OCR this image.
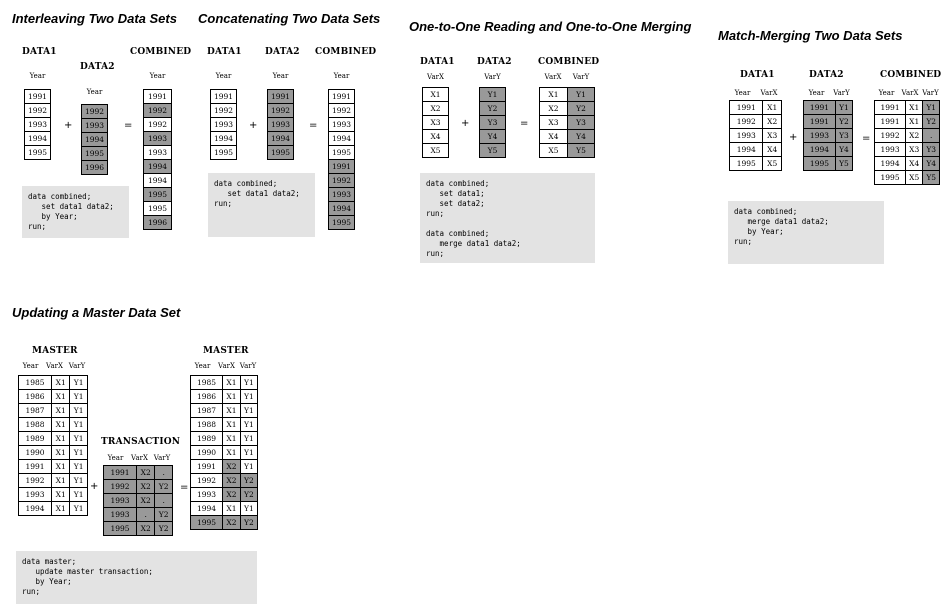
Interleaving Two Data Sets Concatenating Two Data Sets
One-to-One Reading and One-to-One Merging
Match-Merging Two Data Sets
Updating a Master Data Set
DATA1
DATA2
COMBINED
Year
Year
Year
1991
1992
1993
1994
1995
+
1992
1993
1994
1995
1996
=
1991
1992
1992
1993
1993
1994
1994
1995
1995
1996
data combined;
set data1 data2;
by Year;
run;
DATA1	DATA2 COMBINED
Year	Year	Year
1991
1992
1993
1994
1995
+
1991
1992
1993
1994
1995
=
1991
1992
1993
1994
1995
1991
1992
1993
1994
1995
data combined;
set data1 data2;
run;
DATA1 DATA2	COMBINED
VarX	VarY	VarX	VarY
X1
X2
X3
X4
X5
+
Y1
Y2
Y3
Y4
Y5
=
X1	Y1
X2	Y2
X3	Y3
X4	Y4
X5	Y5
data combined;
set data1;
set data2;
run;

data combined;
merge data1 data2;
run;
DATA1	DATA2	COMBINED
Year	VarX	Year	VarY	Year	VarX VarY
1991	X1
1992	X2
1993	X3
1994	X4
1995	X5
+
1991	Y1
1991	Y2
1993	Y3
1994	Y4
1995	Y5
=
1991	X1	Y1
1991	X1	Y2
1992	X2	.
1993	X3	Y3
1994	X4	Y4
1995	X5	Y5
data combined;
merge data1 data2;
by Year;
run;
MASTER
TRANSACTION
MASTER
Year	VarX VarY
Year	VarX VarY
Year	VarX VarY
1985	X1	Y1
1986	X1	Y1
1987	X1	Y1
1988	X1	Y1
1989	X1	Y1
1990	X1	Y1
1991	X1	Y1
1992	X1	Y1
1993	X1	Y1
1994	X1	Y1
+
1991	X2	.
1992	X2	Y2
1993	X2	.
1993	.	Y2
1995	X2	Y2
=
1985	X1	Y1
1986	X1	Y1
1987	X1	Y1
1988	X1	Y1
1989	X1	Y1
1990	X1	Y1
1991	X2	Y1
1992	X2	Y2
1993	X2	Y2
1994	X1	Y1
1995	X2	Y2
data master;
update master transaction;
by Year;
run;
